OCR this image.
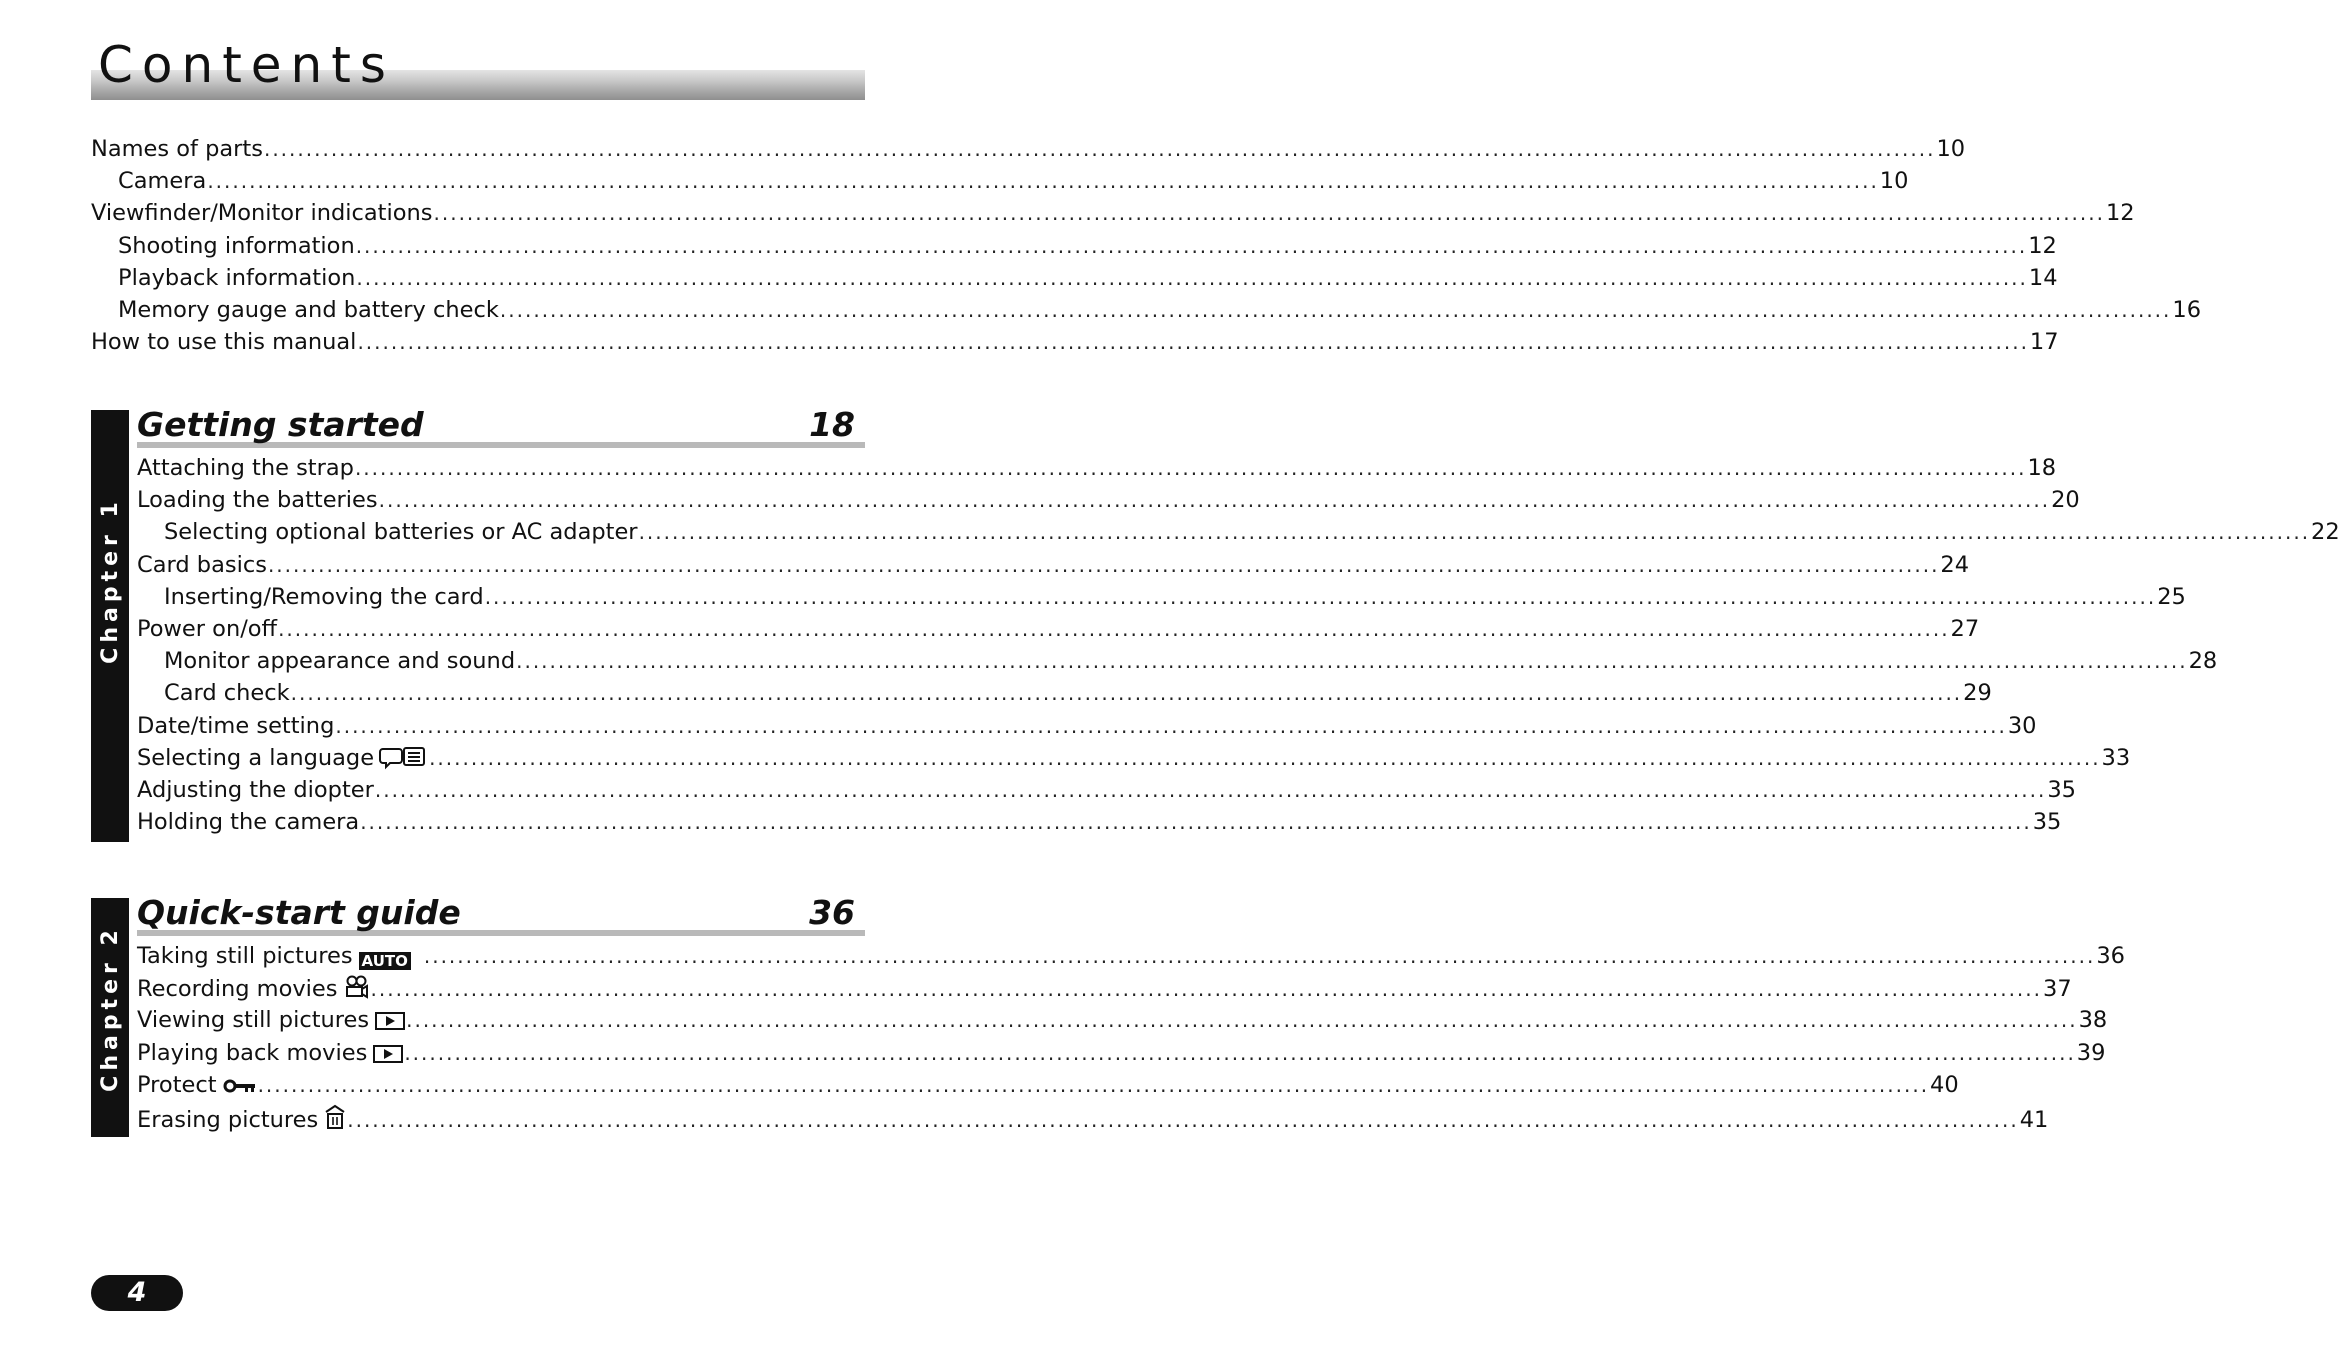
Contents
Names of parts ........................................................................................................................................................................................................ 10
Camera ........................................................................................................................................................................................................ 10
Viewfinder/Monitor indications ........................................................................................................................................................................................................ 12
Shooting information ........................................................................................................................................................................................................ 12
Playback information ........................................................................................................................................................................................................ 14
Memory gauge and battery check ........................................................................................................................................................................................................ 16
How to use this manual ........................................................................................................................................................................................................ 17
Chapter 1
Getting started	18
Attaching the strap ........................................................................................................................................................................................................ 18
Loading the batteries ........................................................................................................................................................................................................ 20
Selecting optional batteries or AC adapter ........................................................................................................................................................................................................ 22
Card basics ........................................................................................................................................................................................................ 24
Inserting/Removing the card ........................................................................................................................................................................................................ 25
Power on/off ........................................................................................................................................................................................................ 27
Monitor appearance and sound ........................................................................................................................................................................................................ 28
Card check ........................................................................................................................................................................................................ 29
Date/time setting ........................................................................................................................................................................................................ 30
Selecting a language	........................................................................................................................................................................................................ 33
Adjusting the diopter ........................................................................................................................................................................................................ 35
Holding the camera ........................................................................................................................................................................................................ 35
Chapter 2
Quick-start guide	36
Taking still pictures AUTO ........................................................................................................................................................................................................ 36
Recording movies ........................................................................................................................................................................................................ 37
Viewing still pictures ........................................................................................................................................................................................................ 38
Playing back movies ........................................................................................................................................................................................................ 39
Protect ........................................................................................................................................................................................................ 40
Erasing pictures ........................................................................................................................................................................................................ 41
4
